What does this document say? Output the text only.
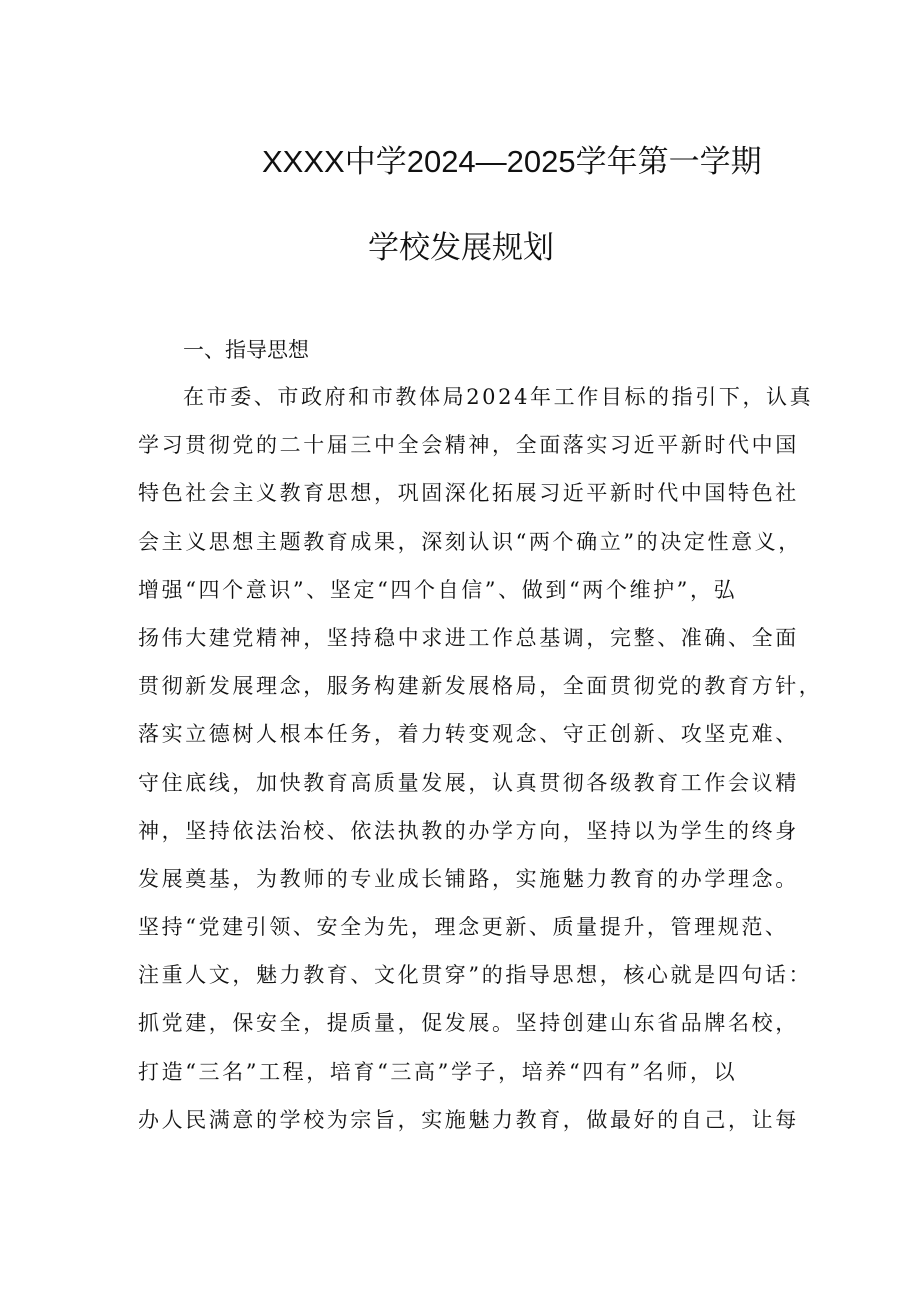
XXXX中学2024—2025学年第一学期
学校发展规划
一、指导思想
在市委、市政府和市教体局2024年工作目标的指引下，认真
学习贯彻党的二十届三中全会精神，全面落实习近平新时代中国
特色社会主义教育思想，巩固深化拓展习近平新时代中国特色社
会主义思想主题教育成果，深刻认识“两个确立”的决定性意义，
增强“四个意识”、坚定“四个自信”、做到“两个维护”，弘
扬伟大建党精神，坚持稳中求进工作总基调，完整、准确、全面
贯彻新发展理念，服务构建新发展格局，全面贯彻党的教育方针，
落实立德树人根本任务，着力转变观念、守正创新、攻坚克难、
守住底线，加快教育高质量发展，认真贯彻各级教育工作会议精
神，坚持依法治校、依法执教的办学方向，坚持以为学生的终身
发展奠基，为教师的专业成长铺路，实施魅力教育的办学理念。
坚持“党建引领、安全为先，理念更新、质量提升，管理规范、
注重人文，魅力教育、文化贯穿”的指导思想，核心就是四句话：
抓党建，保安全，提质量，促发展。坚持创建山东省品牌名校，
打造“三名”工程，培育“三高”学子，培养“四有”名师，以
办人民满意的学校为宗旨，实施魅力教育，做最好的自己，让每
